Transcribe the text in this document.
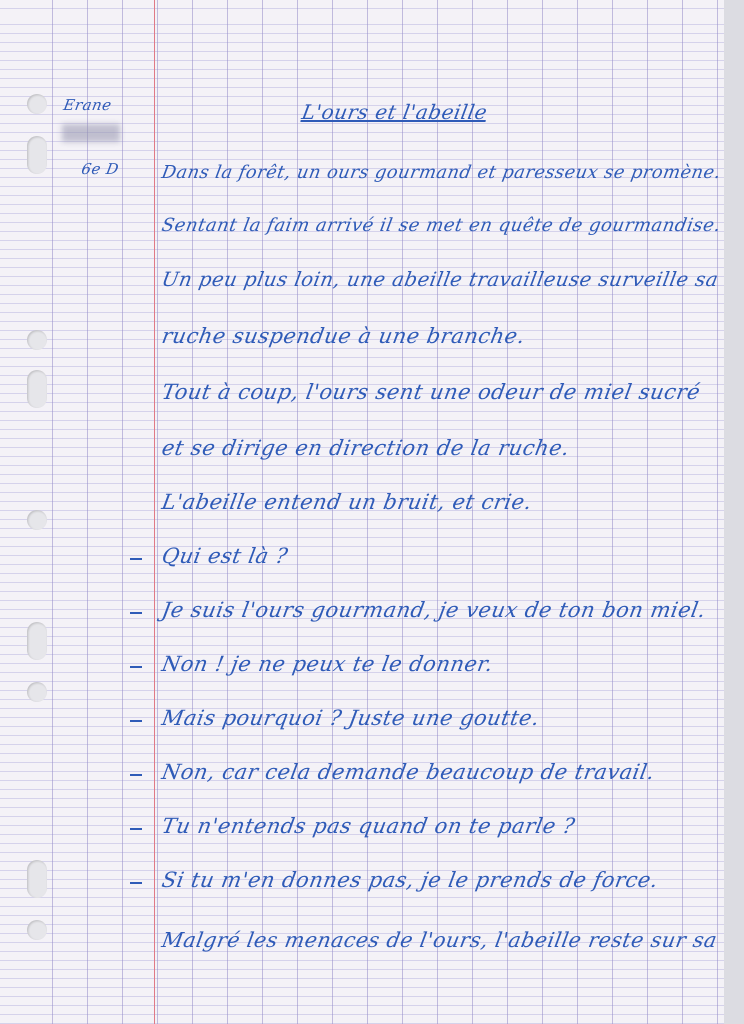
Erane

6e D

L'ours et l'abeille

Dans la forêt, un ours gourmand et paresseux se promène.

Sentant la faim arrivé il se met en quête de gourmandise.

Un peu plus loin, une abeille travailleuse surveille sa

ruche suspendue à une branche.

Tout à coup, l'ours sent une odeur de miel sucré

et se dirige en direction de la ruche.

L'abeille entend un bruit, et crie.

Qui est là ?

Je suis l'ours gourmand, je veux de ton bon miel.

Non ! je ne peux te le donner.

Mais pourquoi ? Juste une goutte.

Non, car cela demande beaucoup de travail.

Tu n'entends pas quand on te parle ?

Si tu m'en donnes pas, je le prends de force.

Malgré les menaces de l'ours, l'abeille reste sur sa
